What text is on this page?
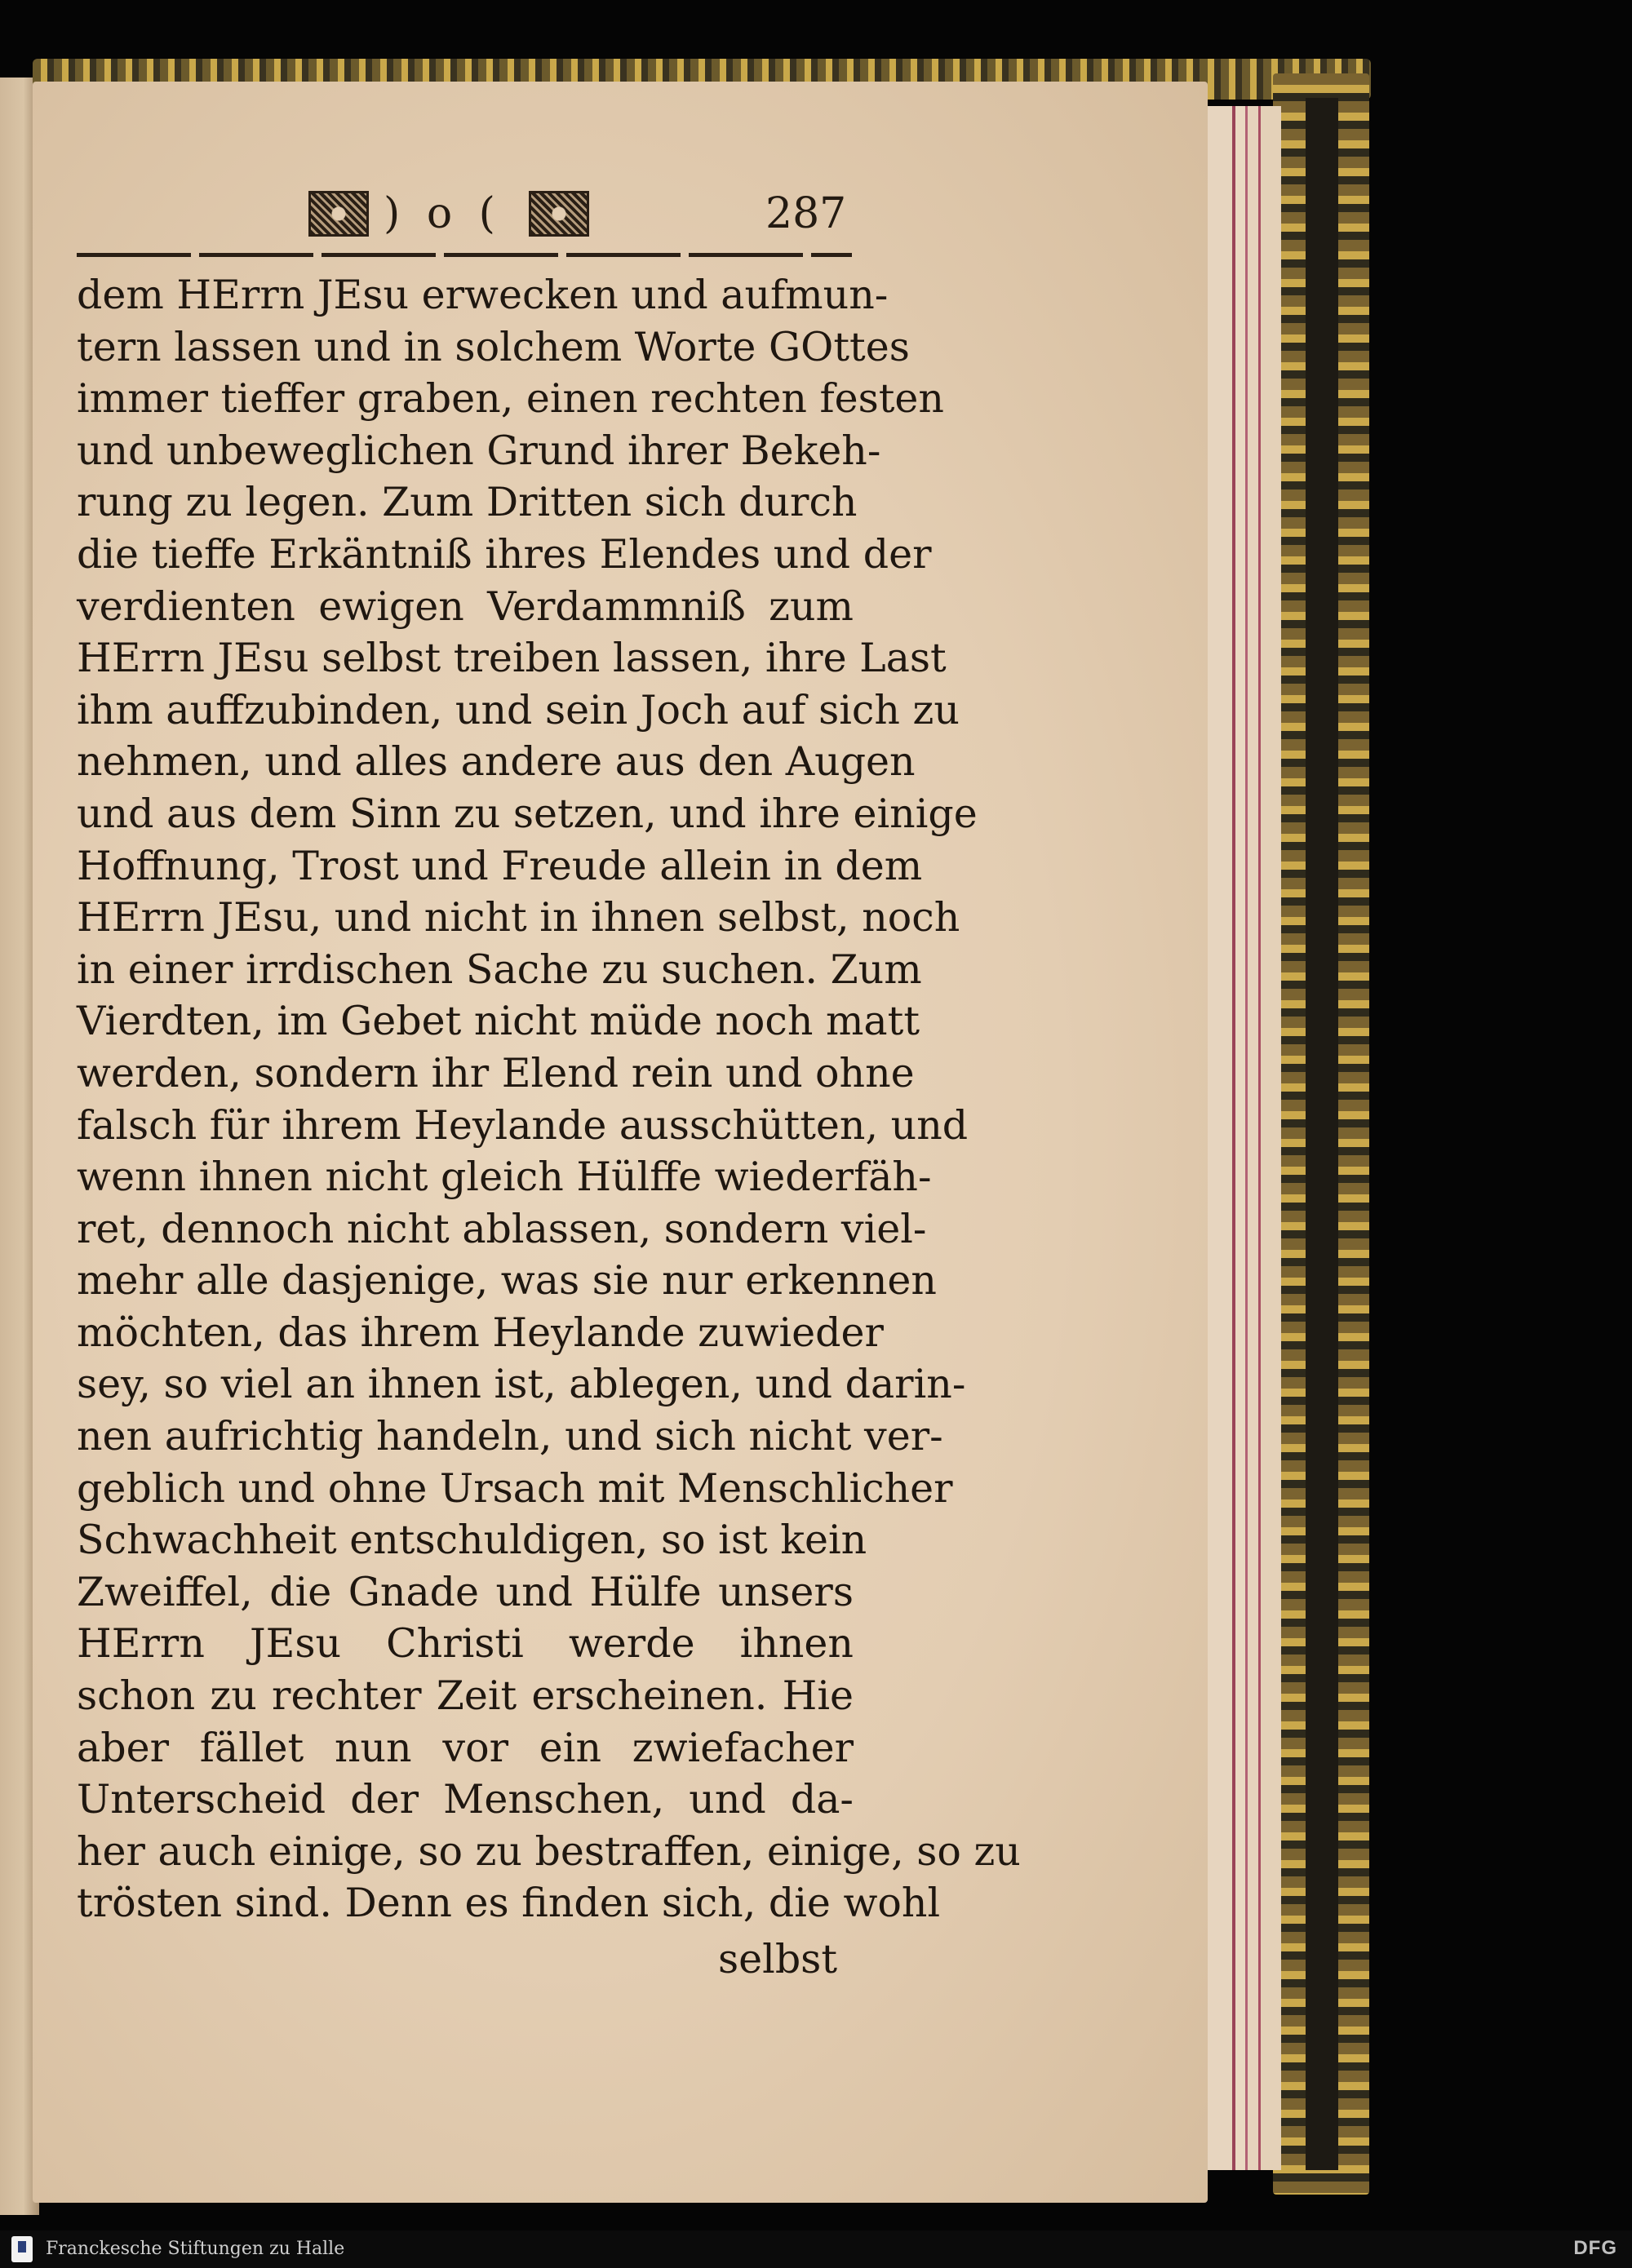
) o (	287
dem HErrn JEsu erwecken und aufmun-
tern lassen und in solchem Worte GOttes
immer tieffer graben, einen rechten festen
und unbeweglichen Grund ihrer Bekeh-
rung zu legen. Zum Dritten sich durch
die tieffe Erkäntniß ihres Elendes und der
verdienten ewigen Verdammniß zum
HErrn JEsu selbst treiben lassen, ihre Last
ihm auffzubinden, und sein Joch auf sich zu
nehmen, und alles andere aus den Augen
und aus dem Sinn zu setzen, und ihre einige
Hoffnung, Trost und Freude allein in dem
HErrn JEsu, und nicht in ihnen selbst, noch
in einer irrdischen Sache zu suchen. Zum
Vierdten, im Gebet nicht müde noch matt
werden, sondern ihr Elend rein und ohne
falsch für ihrem Heylande ausschütten, und
wenn ihnen nicht gleich Hülffe wiederfäh-
ret, dennoch nicht ablassen, sondern viel-
mehr alle dasjenige, was sie nur erkennen
möchten, das ihrem Heylande zuwieder
sey, so viel an ihnen ist, ablegen, und darin-
nen aufrichtig handeln, und sich nicht ver-
geblich und ohne Ursach mit Menschlicher
Schwachheit entschuldigen, so ist kein
Zweiffel, die Gnade und Hülfe unsers
HErrn JEsu Christi werde ihnen
schon zu rechter Zeit erscheinen. Hie
aber fället nun vor ein zwiefacher
Unterscheid der Menschen, und da-
her auch einige, so zu bestraffen, einige, so zu
trösten sind. Denn es finden sich, die wohl
selbst
Franckesche Stiftungen zu Halle	DFG
